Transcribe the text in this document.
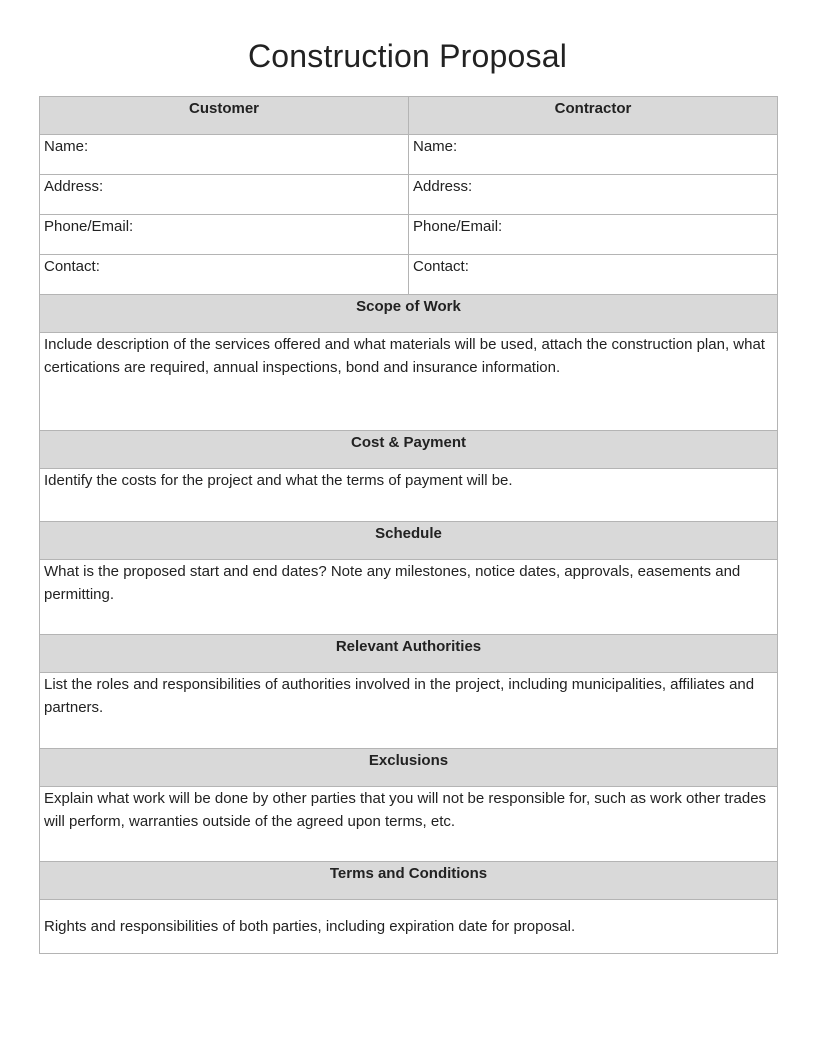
Construction Proposal
Customer	Contractor
Name:	Name:
Address:	Address:
Phone/Email:	Phone/Email:
Contact:	Contact:
Scope of Work	
Include description of the services offered and what materials will be used, attach the construction plan, what certications are required, annual inspections, bond and insurance information.	
Cost & Payment	
Identify the costs for the project and what the terms of payment will be.	
Schedule	
What is the proposed start and end dates? Note any milestones, notice dates, approvals, easements and permitting.	
Relevant Authorities	
List the roles and responsibilities of authorities involved in the project, including municipalities, affiliates and partners.	
Exclusions	
Explain what work will be done by other parties that you will not be responsible for, such as work other trades will perform, warranties outside of the agreed upon terms, etc.	
Terms and Conditions	
Rights and responsibilities of both parties, including expiration date for proposal.	
